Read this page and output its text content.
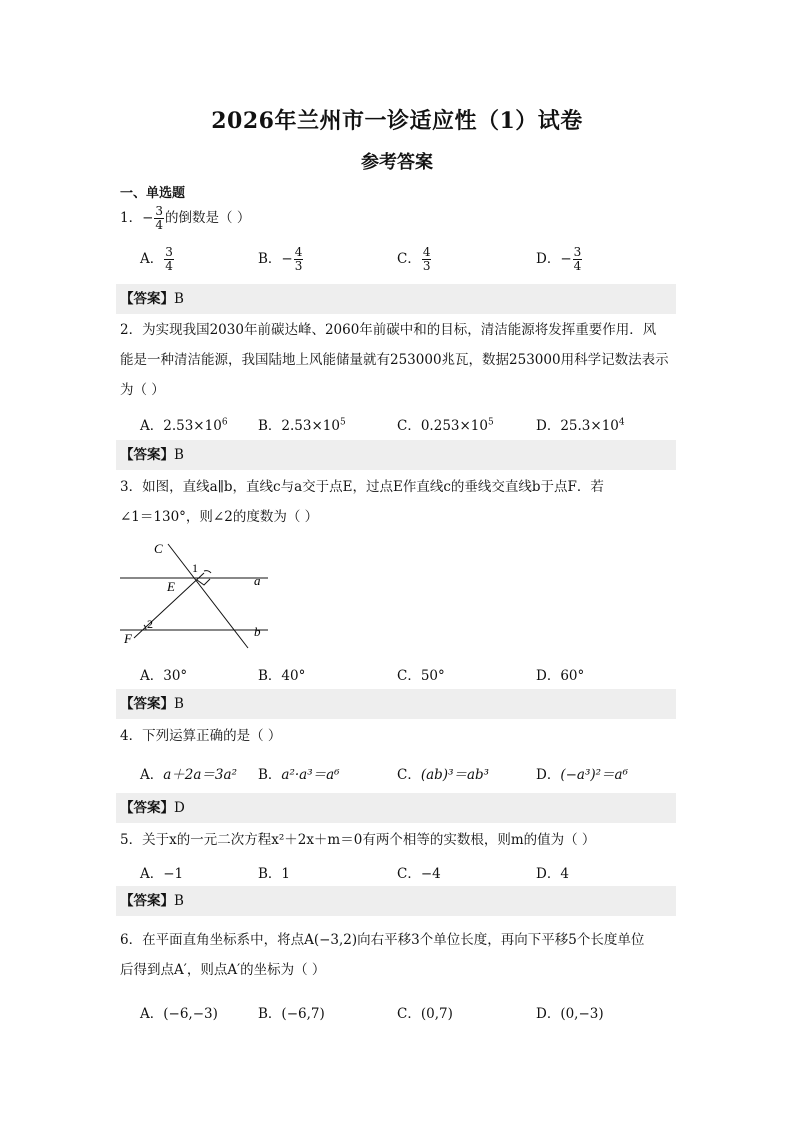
2026年兰州市一诊适应性（1）试卷
参考答案
一、单选题
1．− $\frac{3}{4}$ 的倒数是（ ）
A． $\frac{3}{4}$	B．− $\frac{4}{3}$	C． $\frac{4}{3}$	D．− $\frac{3}{4}$
【答案】B
2．为实现我国2030年前碳达峰、2060年前碳中和的目标，清洁能源将发挥重要作用．风
能是一种清洁能源，我国陆地上风能储量就有253000兆瓦，数据253000用科学记数法表示
为（ ）
A．$2.53\times 10^6$ B．$2.53\times 10^5$	C．$0.253\times 10^5$	D．$25.3\times 10^4$
【答案】B
3．如图，直线a∥b，直线c与a交于点E，过点E作直线c的垂线交直线b于点F．若
∠1＝130°，则∠2的度数为（ ）
C
1
a
E
F
2	b
A．30°	B．40°	C．50°	D．60°
【答案】B
4．下列运算正确的是（ ）
A．a＋2a＝3a² B．a²·a³＝a⁶	C．(ab)³＝ab³	D．(−a³)²＝a⁶
【答案】D
5．关于x的一元二次方程x²＋2x＋m＝0有两个相等的实数根，则m的值为（ ）
A．−1	B．1	C．−4	D．4
【答案】B
6．在平面直角坐标系中，将点A(−3,2)向右平移3个单位长度，再向下平移5个长度单位
后得到点A′，则点A′的坐标为（ ）
A．(−6,−3)	B．(−6,7)	C．(0,7)	D．(0,−3)
